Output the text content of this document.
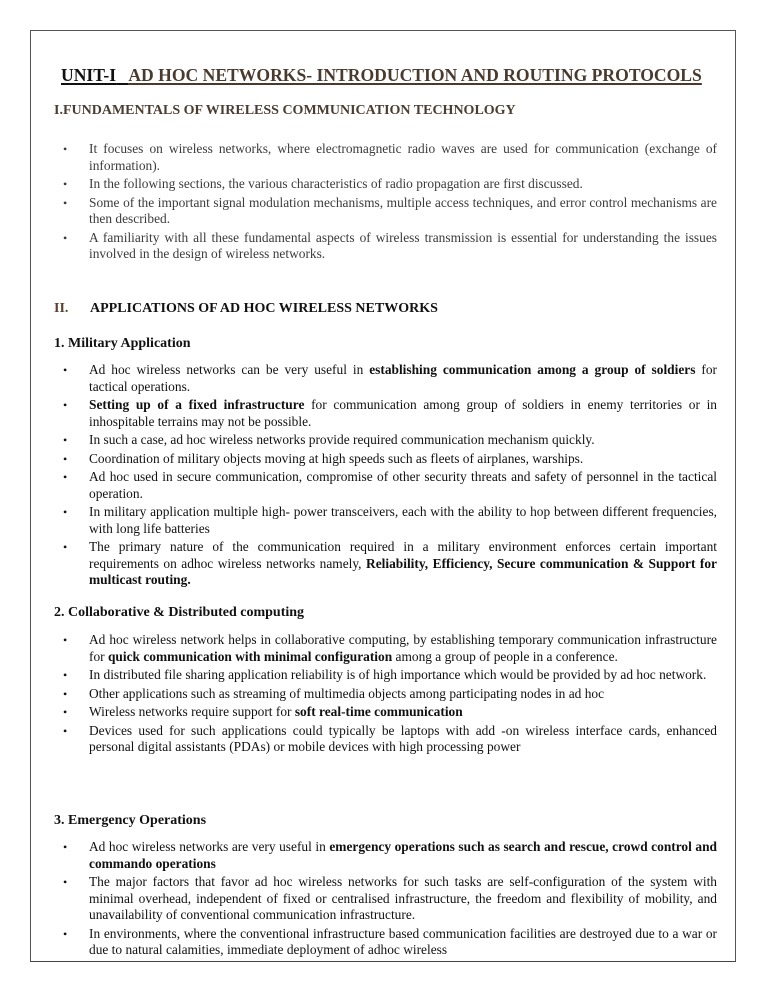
UNIT-I AD HOC NETWORKS- INTRODUCTION AND ROUTING PROTOCOLS
I.FUNDAMENTALS OF WIRELESS COMMUNICATION TECHNOLOGY
• It focuses on wireless networks, where electromagnetic radio waves are used for communication (exchange of information).
• In the following sections, the various characteristics of radio propagation are first discussed.
• Some of the important signal modulation mechanisms, multiple access techniques, and error control mechanisms are then described.
• A familiarity with all these fundamental aspects of wireless transmission is essential for understanding the issues involved in the design of wireless networks.
II. APPLICATIONS OF AD HOC WIRELESS NETWORKS
1. Military Application
• Ad hoc wireless networks can be very useful in establishing communication among a group of soldiers for tactical operations.
• Setting up of a fixed infrastructure for communication among group of soldiers in enemy territories or in inhospitable terrains may not be possible.
• In such a case, ad hoc wireless networks provide required communication mechanism quickly.
• Coordination of military objects moving at high speeds such as fleets of airplanes, warships.
• Ad hoc used in secure communication, compromise of other security threats and safety of personnel in the tactical operation.
• In military application multiple high- power transceivers, each with the ability to hop between different frequencies, with long life batteries
• The primary nature of the communication required in a military environment enforces certain important requirements on adhoc wireless networks namely, Reliability, Efficiency, Secure communication & Support for multicast routing.
2. Collaborative & Distributed computing
• Ad hoc wireless network helps in collaborative computing, by establishing temporary communication infrastructure for quick communication with minimal configuration among a group of people in a conference.
• In distributed file sharing application reliability is of high importance which would be provided by ad hoc network.
• Other applications such as streaming of multimedia objects among participating nodes in ad hoc
• Wireless networks require support for soft real-time communication
• Devices used for such applications could typically be laptops with add -on wireless interface cards, enhanced personal digital assistants (PDAs) or mobile devices with high processing power
3. Emergency Operations
• Ad hoc wireless networks are very useful in emergency operations such as search and rescue, crowd control and commando operations
• The major factors that favor ad hoc wireless networks for such tasks are self-configuration of the system with minimal overhead, independent of fixed or centralised infrastructure, the freedom and flexibility of mobility, and unavailability of conventional communication infrastructure.
• In environments, where the conventional infrastructure based communication facilities are destroyed due to a war or due to natural calamities, immediate deployment of adhoc wireless
